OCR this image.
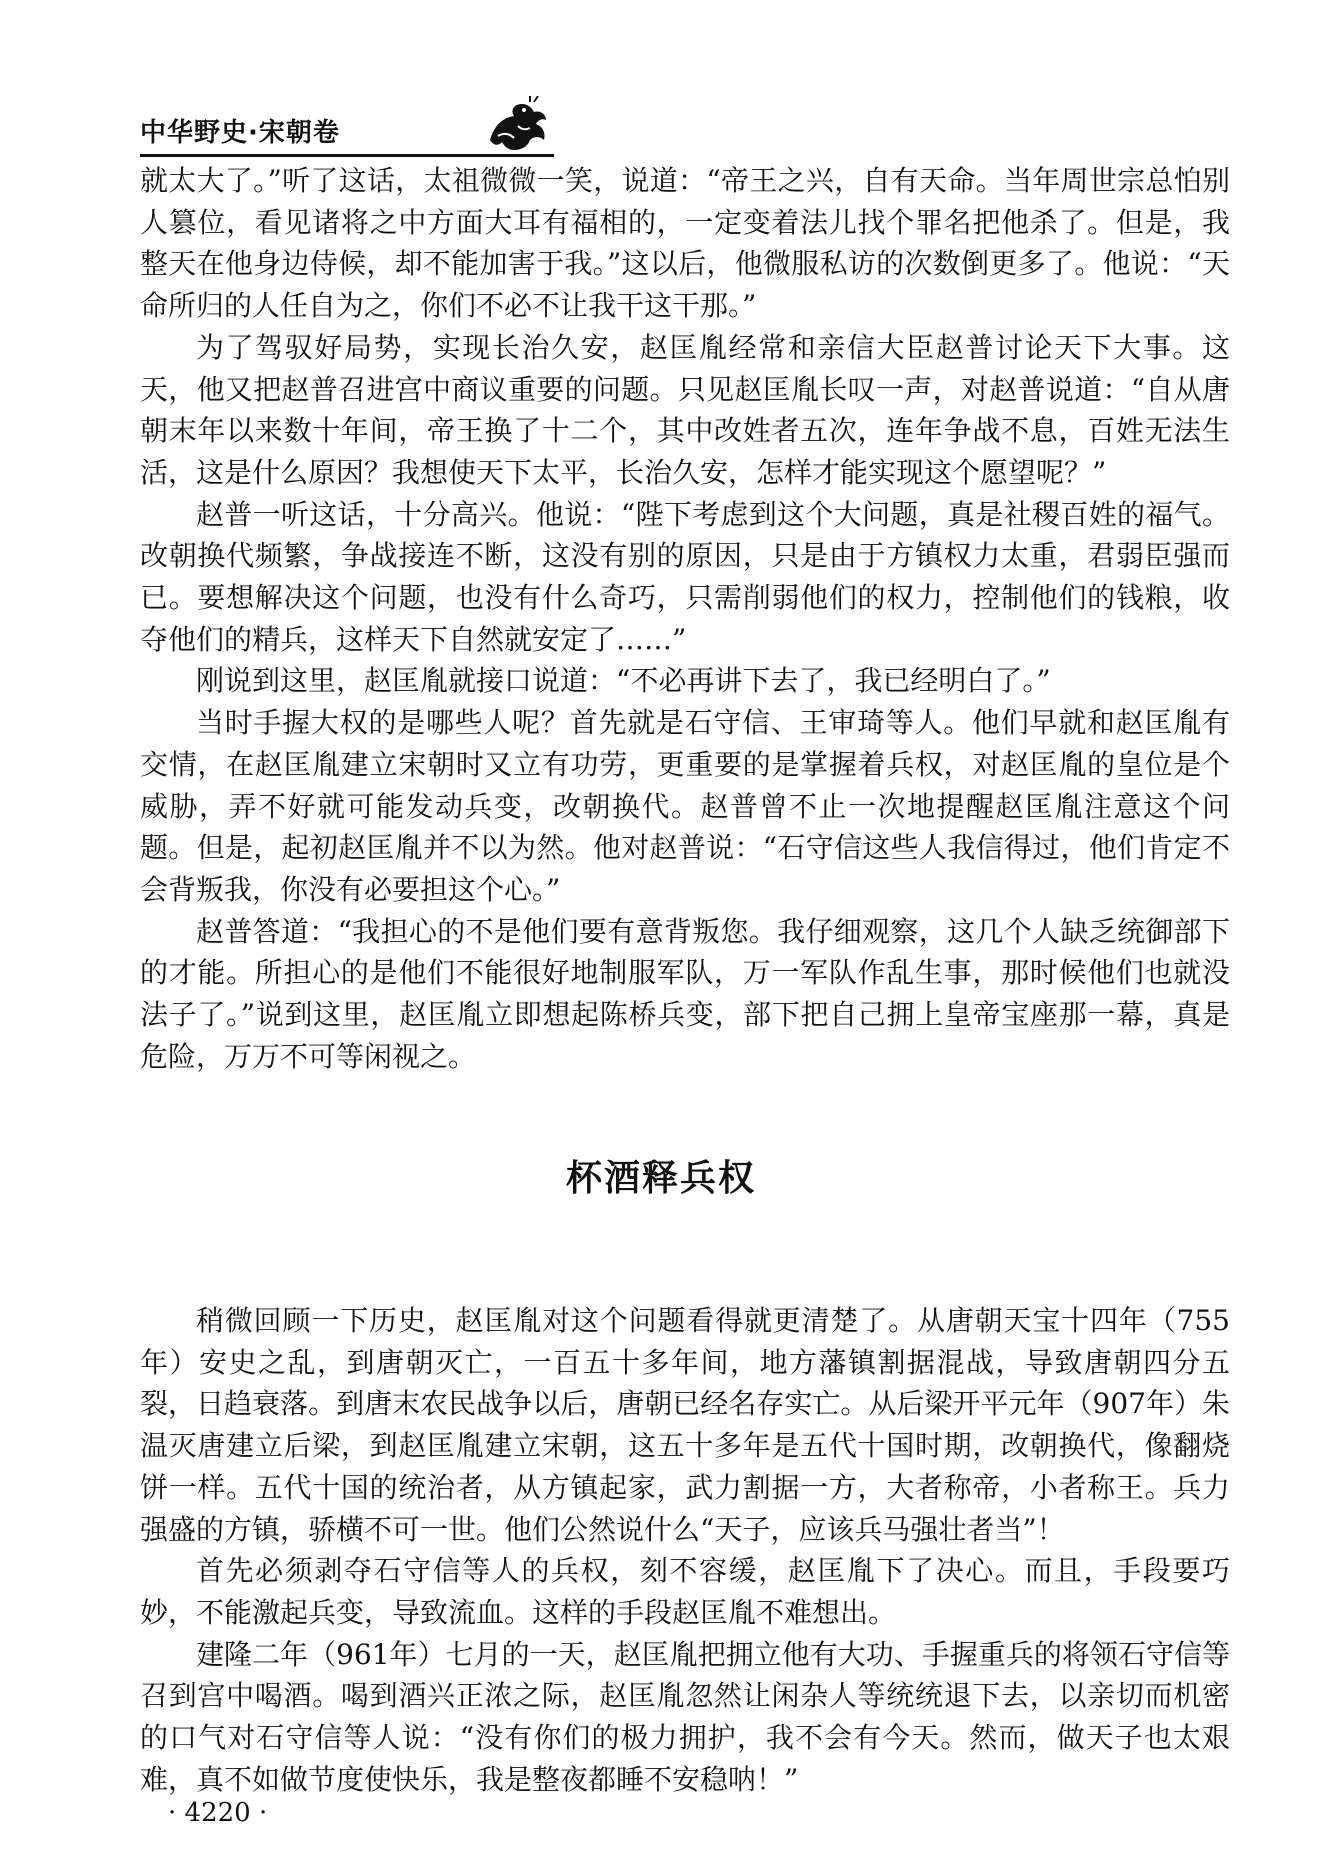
中华野史·宋朝卷

就太大了。”听了这话，太祖微微一笑，说道：“帝王之兴，自有天命。当年周世宗总怕别人篡位，看见诸将之中方面大耳有福相的，一定变着法儿找个罪名把他杀了。但是，我整天在他身边侍候，却不能加害于我。”这以后，他微服私访的次数倒更多了。他说：“天命所归的人任自为之，你们不必不让我干这干那。”

为了驾驭好局势，实现长治久安，赵匡胤经常和亲信大臣赵普讨论天下大事。这天，他又把赵普召进宫中商议重要的问题。只见赵匡胤长叹一声，对赵普说道：“自从唐朝末年以来数十年间，帝王换了十二个，其中改姓者五次，连年争战不息，百姓无法生活，这是什么原因？我想使天下太平，长治久安，怎样才能实现这个愿望呢？”

赵普一听这话，十分高兴。他说：“陛下考虑到这个大问题，真是社稷百姓的福气。改朝换代频繁，争战接连不断，这没有别的原因，只是由于方镇权力太重，君弱臣强而已。要想解决这个问题，也没有什么奇巧，只需削弱他们的权力，控制他们的钱粮，收夺他们的精兵，这样天下自然就安定了……”

刚说到这里，赵匡胤就接口说道：“不必再讲下去了，我已经明白了。”

当时手握大权的是哪些人呢？首先就是石守信、王审琦等人。他们早就和赵匡胤有交情，在赵匡胤建立宋朝时又立有功劳，更重要的是掌握着兵权，对赵匡胤的皇位是个威胁，弄不好就可能发动兵变，改朝换代。赵普曾不止一次地提醒赵匡胤注意这个问题。但是，起初赵匡胤并不以为然。他对赵普说：“石守信这些人我信得过，他们肯定不会背叛我，你没有必要担这个心。”

赵普答道：“我担心的不是他们要有意背叛您。我仔细观察，这几个人缺乏统御部下的才能。所担心的是他们不能很好地制服军队，万一军队作乱生事，那时候他们也就没法子了。”说到这里，赵匡胤立即想起陈桥兵变，部下把自己拥上皇帝宝座那一幕，真是危险，万万不可等闲视之。

杯酒释兵权

稍微回顾一下历史，赵匡胤对这个问题看得就更清楚了。从唐朝天宝十四年（755年）安史之乱，到唐朝灭亡，一百五十多年间，地方藩镇割据混战，导致唐朝四分五裂，日趋衰落。到唐末农民战争以后，唐朝已经名存实亡。从后梁开平元年（907年）朱温灭唐建立后梁，到赵匡胤建立宋朝，这五十多年是五代十国时期，改朝换代，像翻烧饼一样。五代十国的统治者，从方镇起家，武力割据一方，大者称帝，小者称王。兵力强盛的方镇，骄横不可一世。他们公然说什么“天子，应该兵马强壮者当”！

首先必须剥夺石守信等人的兵权，刻不容缓，赵匡胤下了决心。而且，手段要巧妙，不能激起兵变，导致流血。这样的手段赵匡胤不难想出。

建隆二年（961年）七月的一天，赵匡胤把拥立他有大功、手握重兵的将领石守信等召到宫中喝酒。喝到酒兴正浓之际，赵匡胤忽然让闲杂人等统统退下去，以亲切而机密的口气对石守信等人说：“没有你们的极力拥护，我不会有今天。然而，做天子也太艰难，真不如做节度使快乐，我是整夜都睡不安稳呐！”

· 4220 ·
